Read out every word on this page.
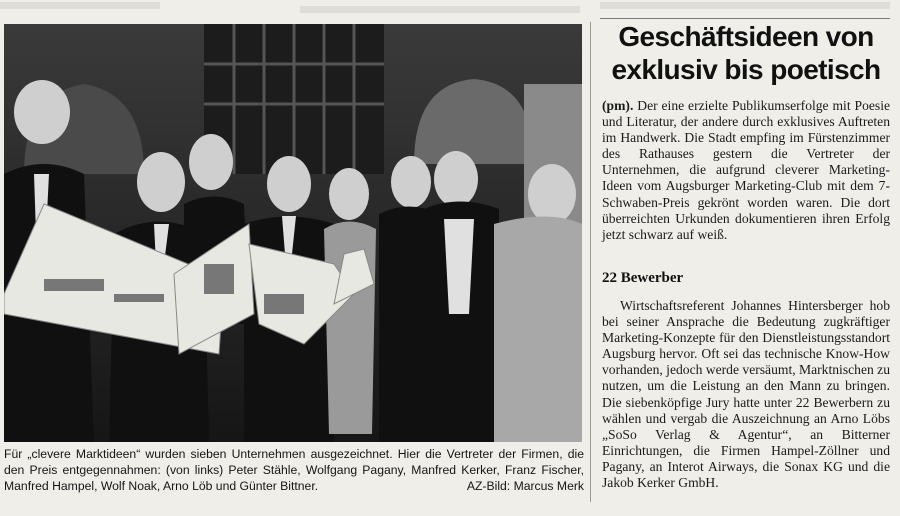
Für „clevere Marktideen“ wurden sieben Unternehmen ausgezeichnet. Hier die Vertreter der Firmen, die den Preis entgegennahmen: (von links) Peter Stähle, Wolfgang Pagany, Manfred Kerker, Franz Fischer, Manfred Hampel, Wolf Noak, Arno Löb und Günter Bittner.	AZ-Bild: Marcus Merk

Geschäftsideen von exklusiv bis poetisch
(pm). Der eine erzielte Publikumserfolge mit Poesie und Literatur, der andere durch exklusives Auftreten im Handwerk. Die Stadt empfing im Fürstenzimmer des Rathauses gestern die Vertreter der Unternehmen, die aufgrund cleverer Marketing-Ideen vom Augsburger Marketing-Club mit dem 7-Schwaben-Preis gekrönt worden waren. Die dort überreichten Urkunden dokumentieren ihren Erfolg jetzt schwarz auf weiß.
22 Bewerber
Wirtschaftsreferent Johannes Hintersberger hob bei seiner Ansprache die Bedeutung zugkräftiger Marketing-Konzepte für den Dienstleistungsstandort Augsburg hervor. Oft sei das technische Know-How vorhanden, jedoch werde versäumt, Marktnischen zu nutzen, um die Leistung an den Mann zu bringen. Die siebenköpfige Jury hatte unter 22 Bewerbern zu wählen und vergab die Auszeichnung an Arno Löbs „SoSo Verlag & Agentur“, an Bitterner Einrichtungen, die Firmen Hampel-Zöllner und Pagany, an Interot Airways, die Sonax KG und die Jakob Kerker GmbH.
